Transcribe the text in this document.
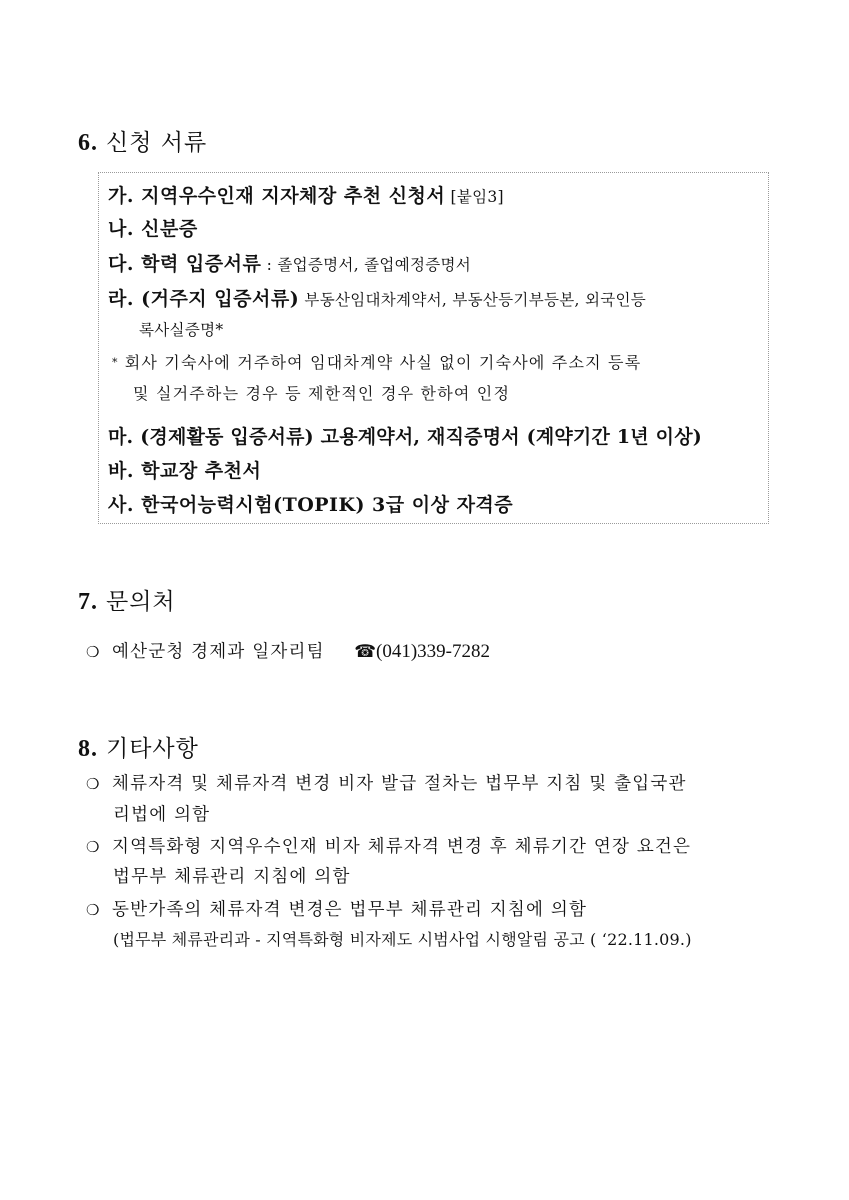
6. 신청 서류
가. 지역우수인재 지자체장 추천 신청서 [붙임3]
나. 신분증
다. 학력 입증서류 : 졸업증명서, 졸업예정증명서
라. (거주지 입증서류) 부동산임대차계약서, 부동산등기부등본, 외국인등
록사실증명*
* 회사 기숙사에 거주하여 임대차계약 사실 없이 기숙사에 주소지 등록
및 실거주하는 경우 등 제한적인 경우 한하여 인정
마. (경제활동 입증서류) 고용계약서, 재직증명서 (계약기간 1년 이상)
바. 학교장 추천서
사. 한국어능력시험(TOPIK) 3급 이상 자격증
7. 문의처
❍ 예산군청 경제과 일자리팀 ☎(041)339-7282
8. 기타사항
❍ 체류자격 및 체류자격 변경 비자 발급 절차는 법무부 지침 및 출입국관
리법에 의함
❍ 지역특화형 지역우수인재 비자 체류자격 변경 후 체류기간 연장 요건은
법무부 체류관리 지침에 의함
❍ 동반가족의 체류자격 변경은 법무부 체류관리 지침에 의함
(법무부 체류관리과 - 지역특화형 비자제도 시범사업 시행알림 공고 ( ‘22.11.09.)
